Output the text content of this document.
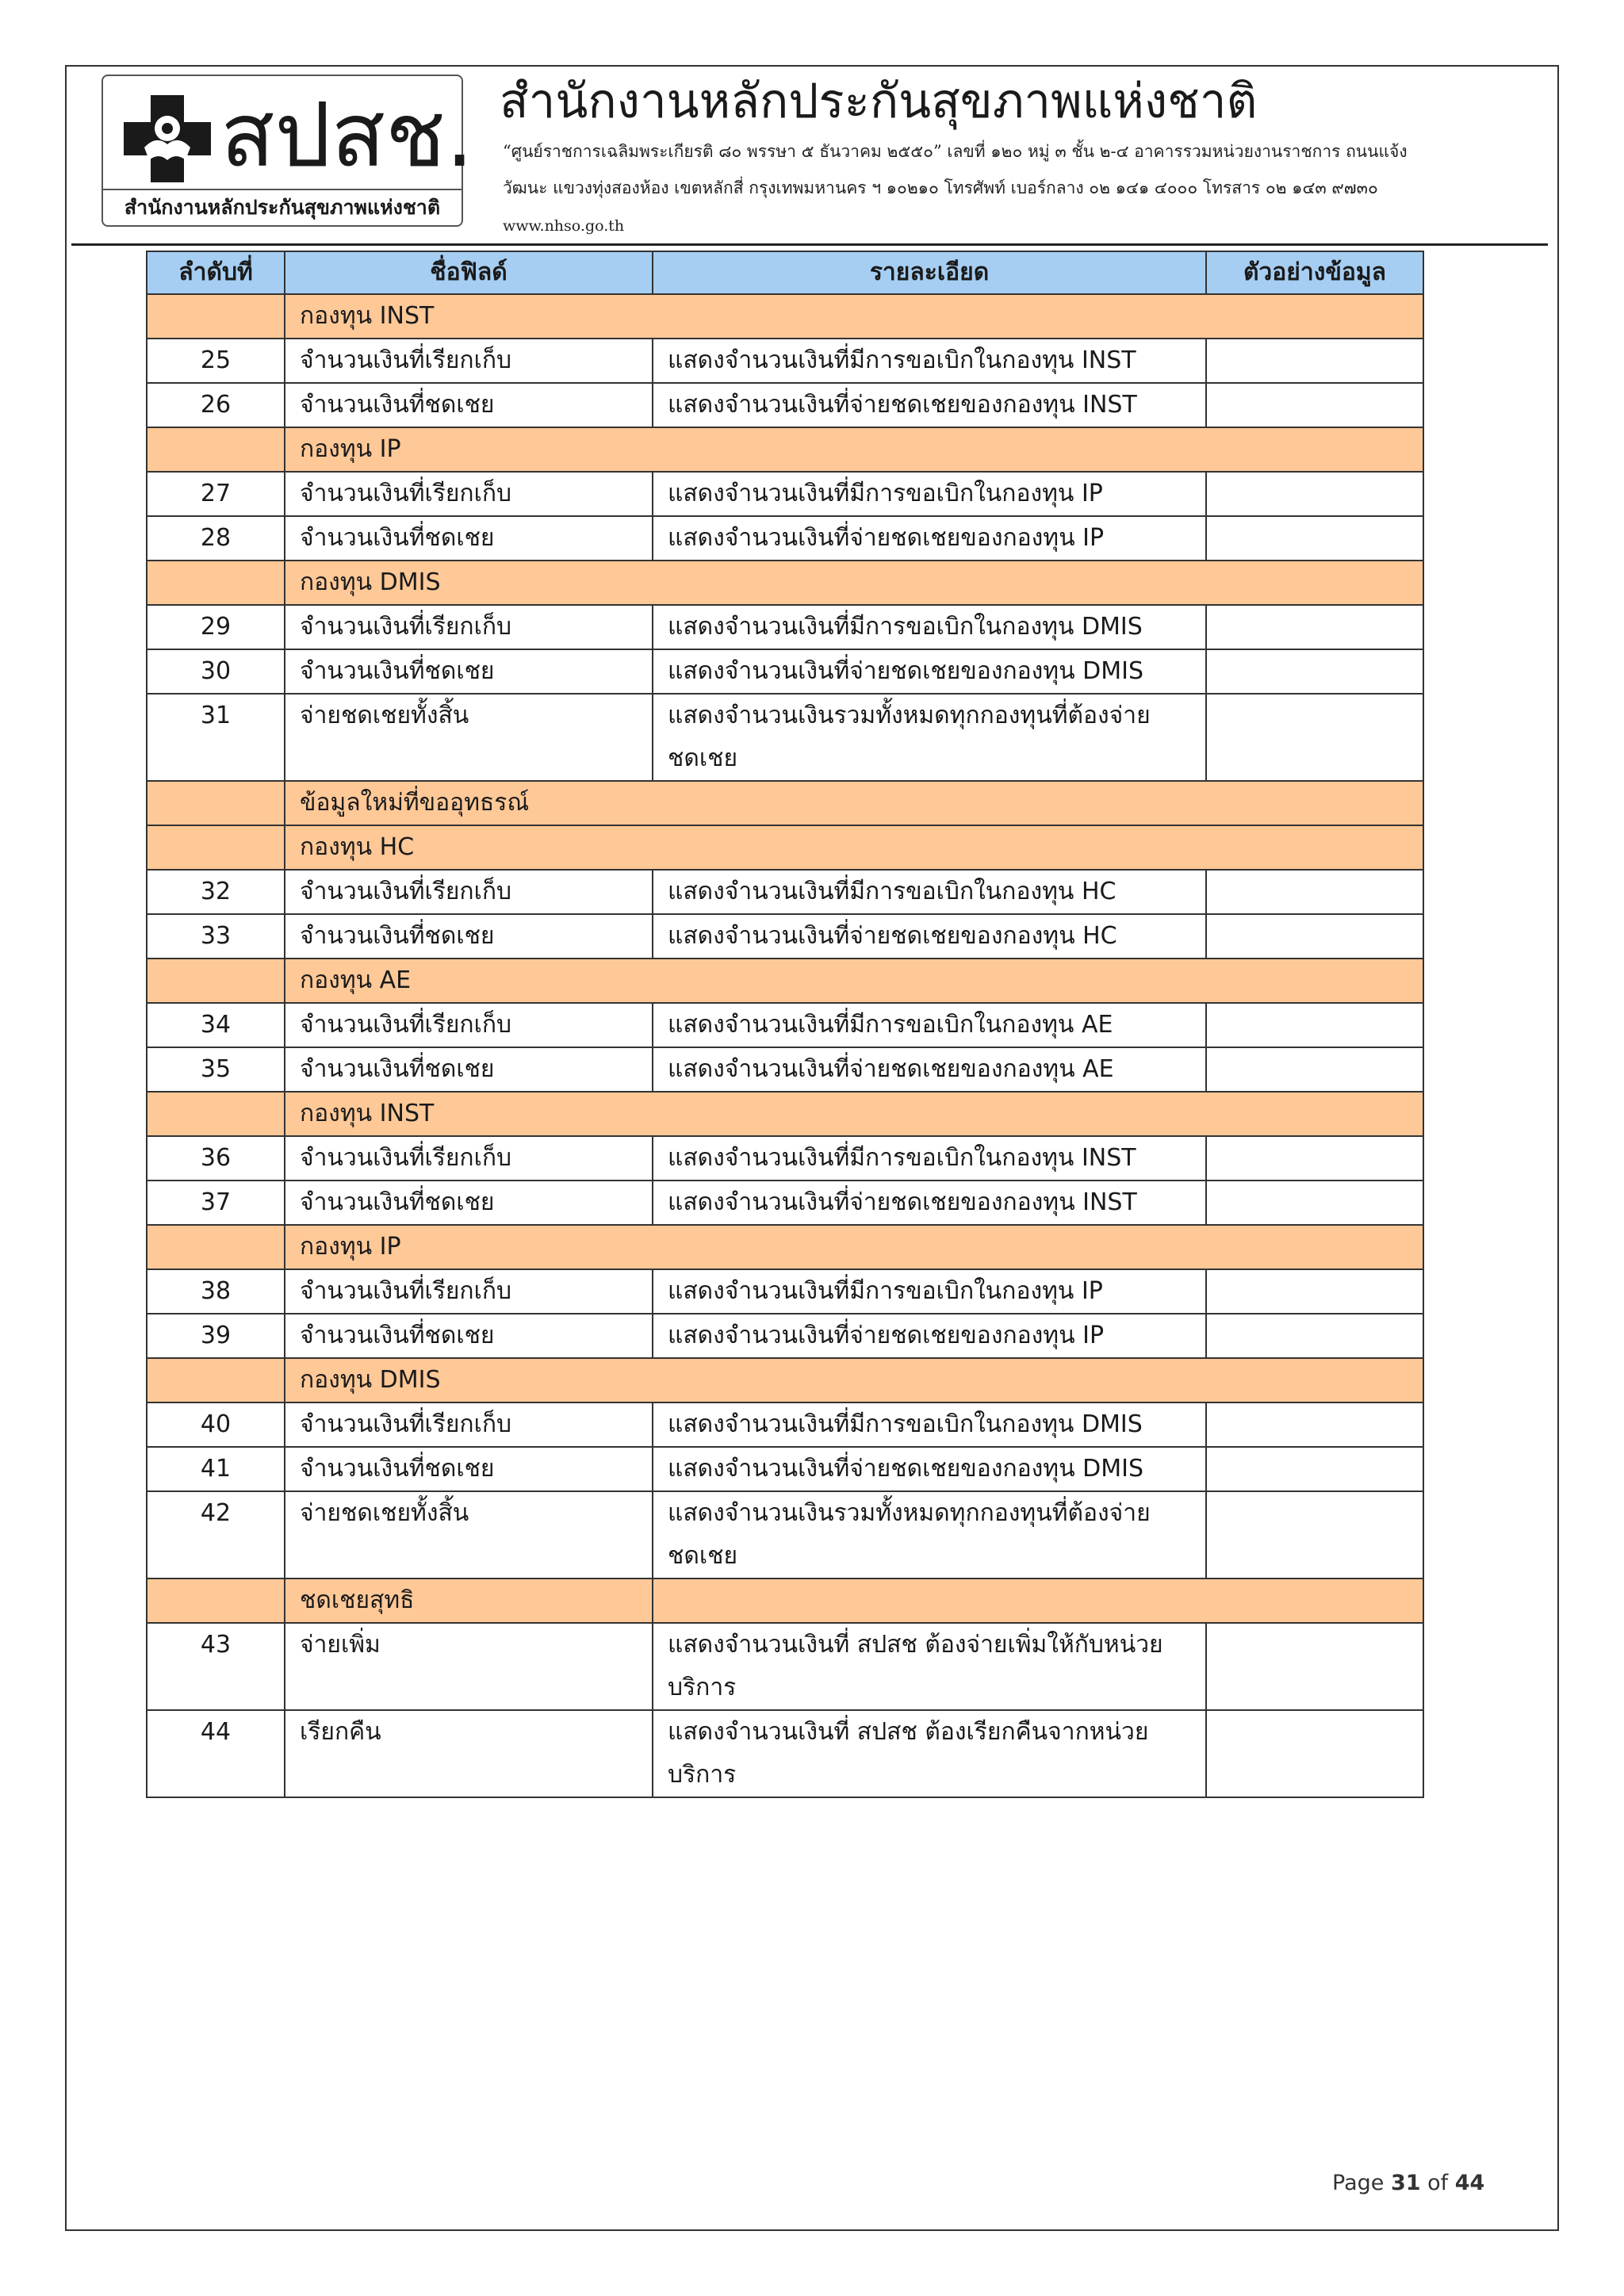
สปสช.
สำนักงานหลักประกันสุขภาพแห่งชาติ
สำนักงานหลักประกันสุขภาพแห่งชาติ
“ศูนย์ราชการเฉลิมพระเกียรติ ๘๐ พรรษา ๕ ธันวาคม ๒๕๕๐” เลขที่ ๑๒๐ หมู่ ๓ ชั้น ๒-๔ อาคารรวมหน่วยงานราชการ ถนนแจ้ง
วัฒนะ แขวงทุ่งสองห้อง เขตหลักสี่ กรุงเทพมหานคร ฯ ๑๐๒๑๐ โทรศัพท์ เบอร์กลาง ๐๒ ๑๔๑ ๔๐๐๐ โทรสาร ๐๒ ๑๔๓ ๙๗๓๐
www.nhso.go.th
ลำดับที่	ชื่อฟิลด์	รายละเอียด	ตัวอย่างข้อมูล
	กองทุน INST		
25	จำนวนเงินที่เรียกเก็บ	แสดงจำนวนเงินที่มีการขอเบิกในกองทุน INST	
26	จำนวนเงินที่ชดเชย	แสดงจำนวนเงินที่จ่ายชดเชยของกองทุน INST	
	กองทุน IP		
27	จำนวนเงินที่เรียกเก็บ	แสดงจำนวนเงินที่มีการขอเบิกในกองทุน IP	
28	จำนวนเงินที่ชดเชย	แสดงจำนวนเงินที่จ่ายชดเชยของกองทุน IP	
	กองทุน DMIS		
29	จำนวนเงินที่เรียกเก็บ	แสดงจำนวนเงินที่มีการขอเบิกในกองทุน DMIS	
30	จำนวนเงินที่ชดเชย	แสดงจำนวนเงินที่จ่ายชดเชยของกองทุน DMIS	
31	จ่ายชดเชยทั้งสิ้น	แสดงจำนวนเงินรวมทั้งหมดทุกกองทุนที่ต้องจ่ายชดเชย	
	ข้อมูลใหม่ที่ขออุทธรณ์		
	กองทุน HC		
32	จำนวนเงินที่เรียกเก็บ	แสดงจำนวนเงินที่มีการขอเบิกในกองทุน HC	
33	จำนวนเงินที่ชดเชย	แสดงจำนวนเงินที่จ่ายชดเชยของกองทุน HC	
	กองทุน AE		
34	จำนวนเงินที่เรียกเก็บ	แสดงจำนวนเงินที่มีการขอเบิกในกองทุน AE	
35	จำนวนเงินที่ชดเชย	แสดงจำนวนเงินที่จ่ายชดเชยของกองทุน AE	
	กองทุน INST		
36	จำนวนเงินที่เรียกเก็บ	แสดงจำนวนเงินที่มีการขอเบิกในกองทุน INST	
37	จำนวนเงินที่ชดเชย	แสดงจำนวนเงินที่จ่ายชดเชยของกองทุน INST	
	กองทุน IP		
38	จำนวนเงินที่เรียกเก็บ	แสดงจำนวนเงินที่มีการขอเบิกในกองทุน IP	
39	จำนวนเงินที่ชดเชย	แสดงจำนวนเงินที่จ่ายชดเชยของกองทุน IP	
	กองทุน DMIS		
40	จำนวนเงินที่เรียกเก็บ	แสดงจำนวนเงินที่มีการขอเบิกในกองทุน DMIS	
41	จำนวนเงินที่ชดเชย	แสดงจำนวนเงินที่จ่ายชดเชยของกองทุน DMIS	
42	จ่ายชดเชยทั้งสิ้น	แสดงจำนวนเงินรวมทั้งหมดทุกกองทุนที่ต้องจ่ายชดเชย	
	ชดเชยสุทธิ		
43	จ่ายเพิ่ม	แสดงจำนวนเงินที่ สปสช ต้องจ่ายเพิ่มให้กับหน่วยบริการ	
44	เรียกคืน	แสดงจำนวนเงินที่ สปสช ต้องเรียกคืนจากหน่วยบริการ	
Page 31 of 44
